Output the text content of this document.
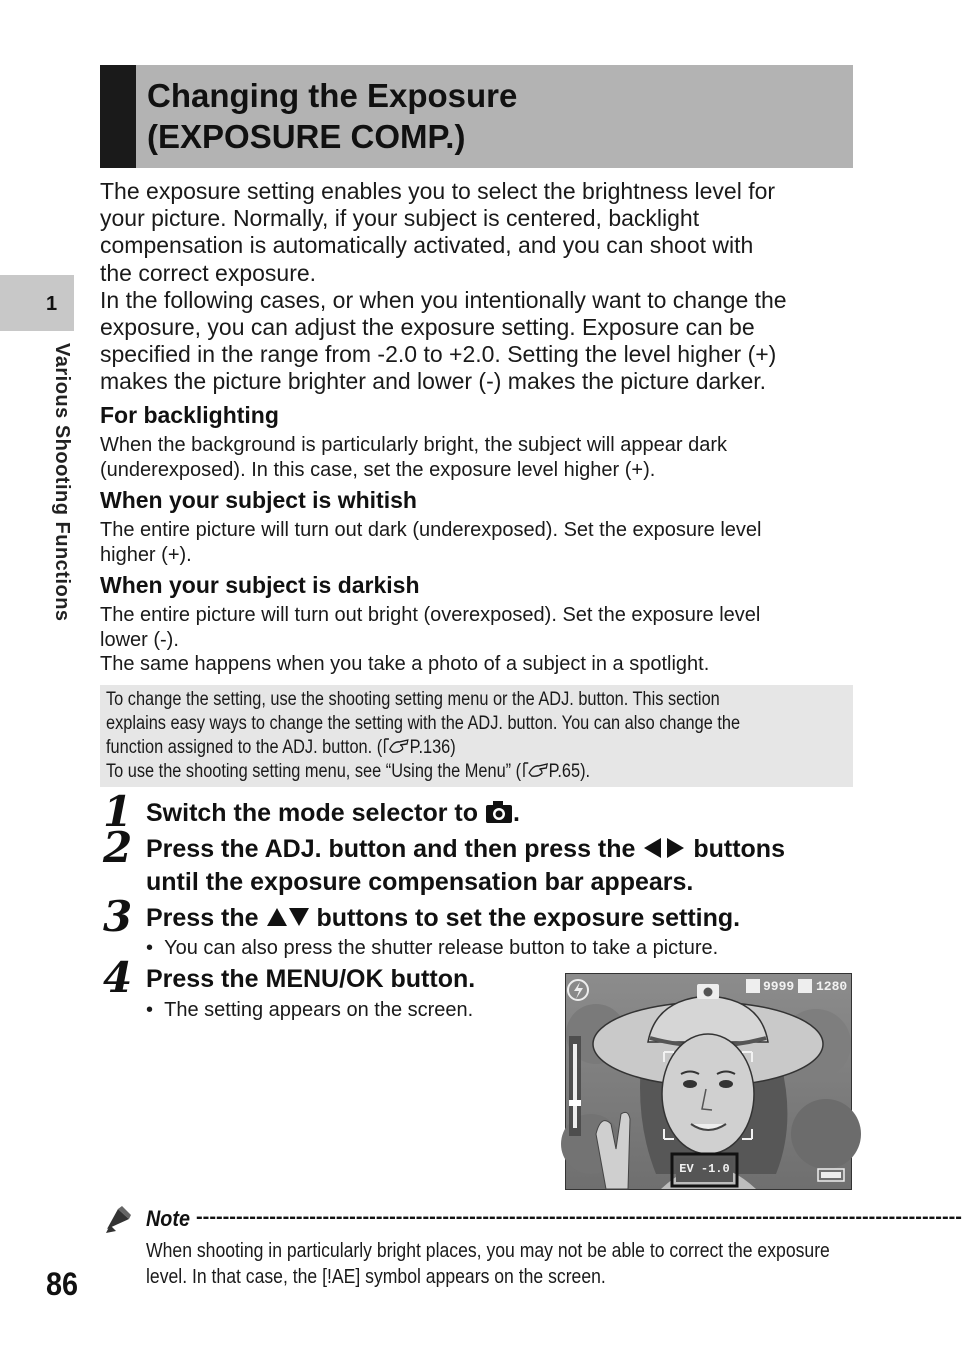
Changing the Exposure
(EXPOSURE COMP.)
1
Various Shooting Functions

The exposure setting enables you to select the brightness level for

your picture. Normally, if your subject is centered, backlight

compensation is automatically activated, and you can shoot with

the correct exposure.

In the following cases, or when you intentionally want to change the

exposure, you can adjust the exposure setting. Exposure can be

specified in the range from -2.0 to +2.0. Setting the level higher (+)

makes the picture brighter and lower (-) makes the picture darker.

For backlighting

When the background is particularly bright, the subject will appear dark

(underexposed). In this case, set the exposure level higher (+).

When your subject is whitish

The entire picture will turn out dark (underexposed). Set the exposure level

higher (+).

When your subject is darkish

The entire picture will turn out bright (overexposed). Set the exposure level

lower (-).

The same happens when you take a photo of a subject in a spotlight.

To change the setting, use the shooting setting menu or the ADJ. button. This section

explains easy ways to change the setting with the ADJ. button. You can also change the

function assigned to the ADJ. button. ( P.136)

To use the shooting setting menu, see “Using the Menu” ( P.65).

1 Switch the mode selector to .
2 Press the ADJ. button and then press the buttons
until the exposure compensation bar appears.
3 Press the buttons to set the exposure setting.
•  You can also press the shutter release button to take a picture.
4 Press the MENU/OK button.
•  The setting appears on the screen.
9999 1280
EV -1.0
Note -------------------------------------------------------------------------------------------------------------------

When shooting in particularly bright places, you may not be able to correct the exposure

level. In that case, the [!AE] symbol appears on the screen.

86
